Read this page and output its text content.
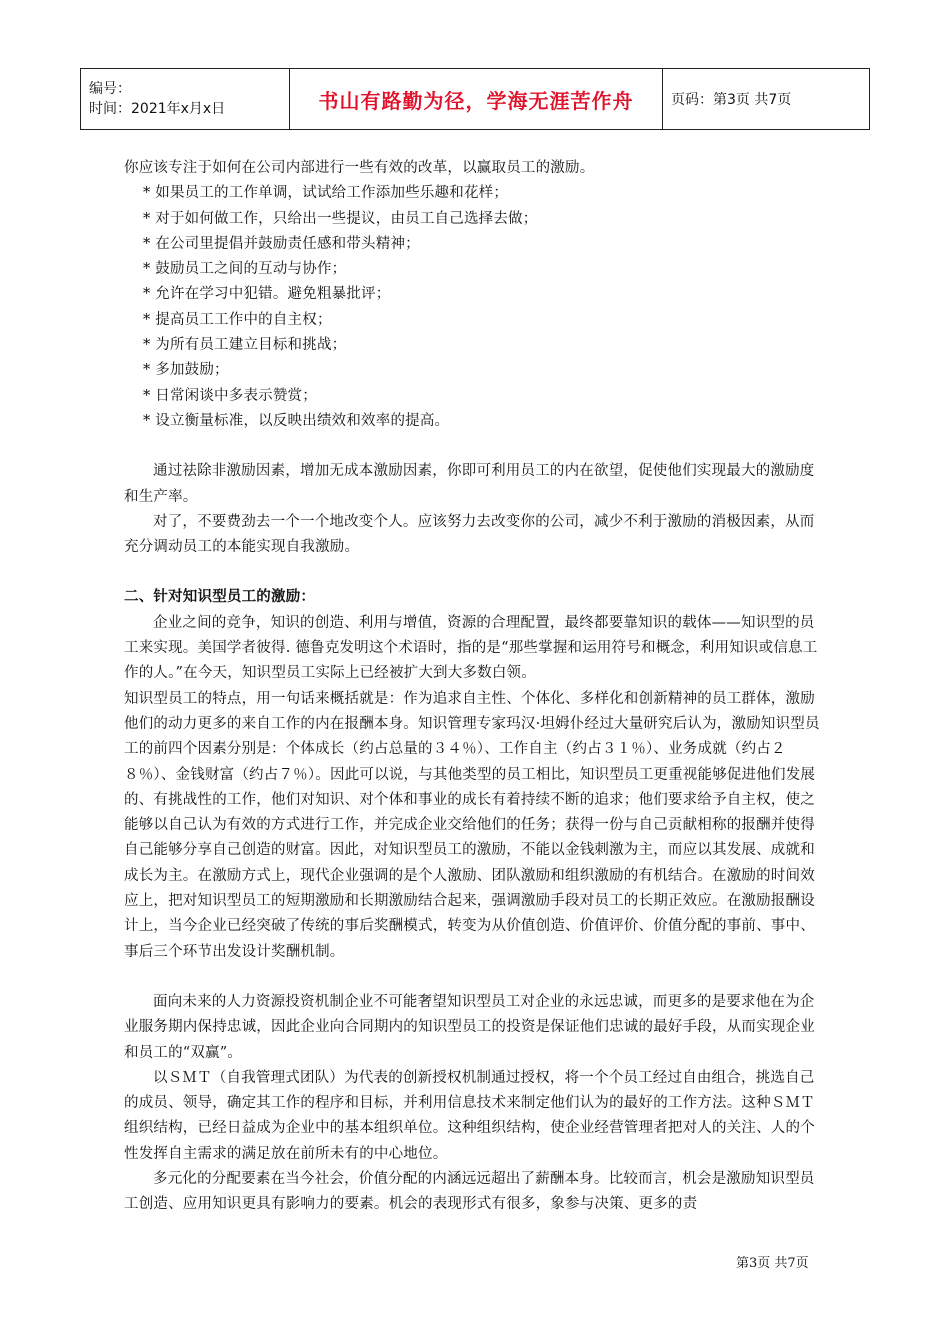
编号：
时间：2021年x月x日	书山有路勤为径，学海无涯苦作舟	页码：第3页 共7页

你应该专注于如何在公司内部进行一些有效的改革，以赢取员工的激励。

* 如果员工的工作单调，试试给工作添加些乐趣和花样；
* 对于如何做工作，只给出一些提议，由员工自己选择去做；
* 在公司里提倡并鼓励责任感和带头精神；
* 鼓励员工之间的互动与协作；
* 允许在学习中犯错。避免粗暴批评；
* 提高员工工作中的自主权；
* 为所有员工建立目标和挑战；
* 多加鼓励；
* 日常闲谈中多表示赞赏；
* 设立衡量标准，以反映出绩效和效率的提高。

通过祛除非激励因素，增加无成本激励因素，你即可利用员工的内在欲望，促使他们实现最大的激励度和生产率。

对了，不要费劲去一个一个地改变个人。应该努力去改变你的公司，减少不利于激励的消极因素，从而充分调动员工的本能实现自我激励。

二、针对知识型员工的激励：

企业之间的竞争，知识的创造、利用与增值，资源的合理配置，最终都要靠知识的载体——知识型的员工来实现。美国学者彼得. 德鲁克发明这个术语时，指的是“那些掌握和运用符号和概念，利用知识或信息工作的人。”在今天，知识型员工实际上已经被扩大到大多数白领。

知识型员工的特点，用一句话来概括就是：作为追求自主性、个体化、多样化和创新精神的员工群体，激励他们的动力更多的来自工作的内在报酬本身。知识管理专家玛汉·坦姆仆经过大量研究后认为，激励知识型员工的前四个因素分别是：个体成长（约占总量的３４％）、工作自主（约占３１％）、业务成就（约占２８％）、金钱财富（约占７％）。因此可以说，与其他类型的员工相比，知识型员工更重视能够促进他们发展的、有挑战性的工作，他们对知识、对个体和事业的成长有着持续不断的追求；他们要求给予自主权，使之能够以自己认为有效的方式进行工作，并完成企业交给他们的任务；获得一份与自己贡献相称的报酬并使得自己能够分享自己创造的财富。因此，对知识型员工的激励，不能以金钱刺激为主，而应以其发展、成就和成长为主。在激励方式上，现代企业强调的是个人激励、团队激励和组织激励的有机结合。在激励的时间效应上，把对知识型员工的短期激励和长期激励结合起来，强调激励手段对员工的长期正效应。在激励报酬设计上，当今企业已经突破了传统的事后奖酬模式，转变为从价值创造、价值评价、价值分配的事前、事中、事后三个环节出发设计奖酬机制。

面向未来的人力资源投资机制企业不可能奢望知识型员工对企业的永远忠诚，而更多的是要求他在为企业服务期内保持忠诚，因此企业向合同期内的知识型员工的投资是保证他们忠诚的最好手段，从而实现企业和员工的“双赢”。

以ＳＭＴ（自我管理式团队）为代表的创新授权机制通过授权，将一个个员工经过自由组合，挑选自己的成员、领导，确定其工作的程序和目标，并利用信息技术来制定他们认为的最好的工作方法。这种ＳＭＴ组织结构，已经日益成为企业中的基本组织单位。这种组织结构，使企业经营管理者把对人的关注、人的个性发挥自主需求的满足放在前所未有的中心地位。

多元化的分配要素在当今社会，价值分配的内涵远远超出了薪酬本身。比较而言，机会是激励知识型员工创造、应用知识更具有影响力的要素。机会的表现形式有很多，象参与决策、更多的责

第3页 共7页
